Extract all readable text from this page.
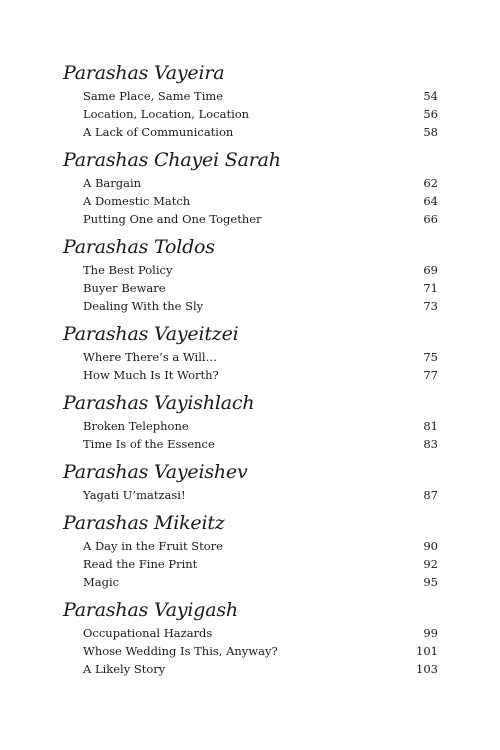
Parashas Vayeira
Same Place, Same Time	54
Location, Location, Location	56
A Lack of Communication	58
Parashas Chayei Sarah
A Bargain	62
A Domestic Match	64
Putting One and One Together	66
Parashas Toldos
The Best Policy	69
Buyer Beware	71
Dealing With the Sly	73
Parashas Vayeitzei
Where There’s a Will…	75
How Much Is It Worth?	77
Parashas Vayishlach
Broken Telephone	81
Time Is of the Essence	83
Parashas Vayeishev
Yagati U’matzasi!	87
Parashas Mikeitz
A Day in the Fruit Store	90
Read the Fine Print	92
Magic	95
Parashas Vayigash
Occupational Hazards	99
Whose Wedding Is This, Anyway?	101
A Likely Story	103
